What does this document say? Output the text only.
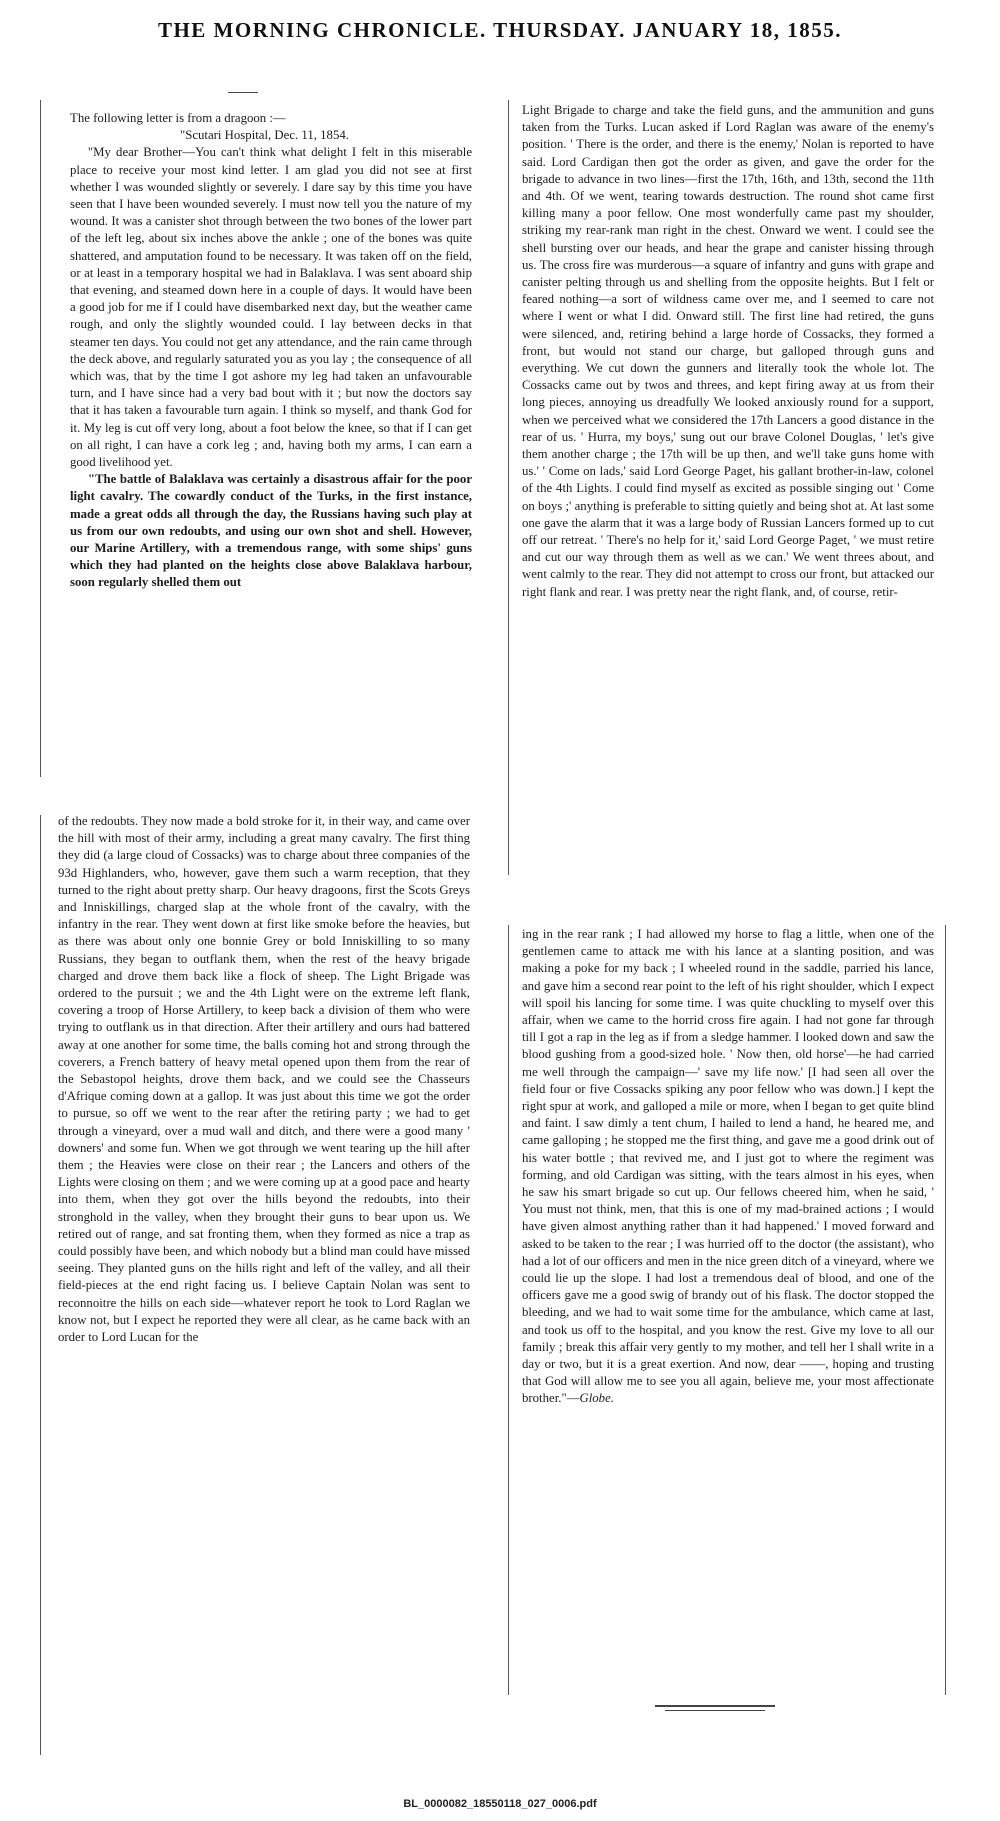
THE MORNING CHRONICLE. THURSDAY. JANUARY 18, 1855.

The following letter is from a dragoon :—

"Scutari Hospital, Dec. 11, 1854.

"My dear Brother—You can't think what delight I felt in this miserable place to receive your most kind letter. I am glad you did not see at first whether I was wounded slightly or severely. I dare say by this time you have seen that I have been wounded severely. I must now tell you the nature of my wound. It was a canister shot through between the two bones of the lower part of the left leg, about six inches above the ankle ; one of the bones was quite shattered, and amputation found to be necessary. It was taken off on the field, or at least in a temporary hospital we had in Balaklava. I was sent aboard ship that evening, and steamed down here in a couple of days. It would have been a good job for me if I could have disembarked next day, but the weather came rough, and only the slightly wounded could. I lay between decks in that steamer ten days. You could not get any attendance, and the rain came through the deck above, and regularly saturated you as you lay ; the consequence of all which was, that by the time I got ashore my leg had taken an unfavourable turn, and I have since had a very bad bout with it ; but now the doctors say that it has taken a favourable turn again. I think so myself, and thank God for it. My leg is cut off very long, about a foot below the knee, so that if I can get on all right, I can have a cork leg ; and, having both my arms, I can earn a good livelihood yet.

"The battle of Balaklava was certainly a disastrous affair for the poor light cavalry. The cowardly conduct of the Turks, in the first instance, made a great odds all through the day, the Russians having such play at us from our own redoubts, and using our own shot and shell. However, our Marine Artillery, with a tremendous range, with some ships' guns which they had planted on the heights close above Balaklava harbour, soon regularly shelled them out

of the redoubts. They now made a bold stroke for it, in their way, and came over the hill with most of their army, including a great many cavalry. The first thing they did (a large cloud of Cossacks) was to charge about three companies of the 93d Highlanders, who, however, gave them such a warm reception, that they turned to the right about pretty sharp. Our heavy dragoons, first the Scots Greys and Inniskillings, charged slap at the whole front of the cavalry, with the infantry in the rear. They went down at first like smoke before the heavies, but as there was about only one bonnie Grey or bold Inniskilling to so many Russians, they began to outflank them, when the rest of the heavy brigade charged and drove them back like a flock of sheep. The Light Brigade was ordered to the pursuit ; we and the 4th Light were on the extreme left flank, covering a troop of Horse Artillery, to keep back a division of them who were trying to outflank us in that direction. After their artillery and ours had battered away at one another for some time, the balls coming hot and strong through the coverers, a French battery of heavy metal opened upon them from the rear of the Sebastopol heights, drove them back, and we could see the Chasseurs d'Afrique coming down at a gallop. It was just about this time we got the order to pursue, so off we went to the rear after the retiring party ; we had to get through a vineyard, over a mud wall and ditch, and there were a good many ' downers' and some fun. When we got through we went tearing up the hill after them ; the Heavies were close on their rear ; the Lancers and others of the Lights were closing on them ; and we were coming up at a good pace and hearty into them, when they got over the hills beyond the redoubts, into their stronghold in the valley, when they brought their guns to bear upon us. We retired out of range, and sat fronting them, when they formed as nice a trap as could possibly have been, and which nobody but a blind man could have missed seeing. They planted guns on the hills right and left of the valley, and all their field-pieces at the end right facing us. I believe Captain Nolan was sent to reconnoitre the hills on each side—whatever report he took to Lord Raglan we know not, but I expect he reported they were all clear, as he came back with an order to Lord Lucan for the

Light Brigade to charge and take the field guns, and the ammunition and guns taken from the Turks. Lucan asked if Lord Raglan was aware of the enemy's position. ' There is the order, and there is the enemy,' Nolan is reported to have said. Lord Cardigan then got the order as given, and gave the order for the brigade to advance in two lines—first the 17th, 16th, and 13th, second the 11th and 4th. Of we went, tearing towards destruction. The round shot came first killing many a poor fellow. One most wonderfully came past my shoulder, striking my rear-rank man right in the chest. Onward we went. I could see the shell bursting over our heads, and hear the grape and canister hissing through us. The cross fire was murderous—a square of infantry and guns with grape and canister pelting through us and shelling from the opposite heights. But I felt or feared nothing—a sort of wildness came over me, and I seemed to care not where I went or what I did. Onward still. The first line had retired, the guns were silenced, and, retiring behind a large horde of Cossacks, they formed a front, but would not stand our charge, but galloped through guns and everything. We cut down the gunners and literally took the whole lot. The Cossacks came out by twos and threes, and kept firing away at us from their long pieces, annoying us dreadfully We looked anxiously round for a support, when we perceived what we considered the 17th Lancers a good distance in the rear of us. ' Hurra, my boys,' sung out our brave Colonel Douglas, ' let's give them another charge ; the 17th will be up then, and we'll take guns home with us.' ' Come on lads,' said Lord George Paget, his gallant brother-in-law, colonel of the 4th Lights. I could find myself as excited as possible singing out ' Come on boys ;' anything is preferable to sitting quietly and being shot at. At last some one gave the alarm that it was a large body of Russian Lancers formed up to cut off our retreat. ' There's no help for it,' said Lord George Paget, ' we must retire and cut our way through them as well as we can.' We went threes about, and went calmly to the rear. They did not attempt to cross our front, but attacked our right flank and rear. I was pretty near the right flank, and, of course, retir-

ing in the rear rank ; I had allowed my horse to flag a little, when one of the gentlemen came to attack me with his lance at a slanting position, and was making a poke for my back ; I wheeled round in the saddle, parried his lance, and gave him a second rear point to the left of his right shoulder, which I expect will spoil his lancing for some time. I was quite chuckling to myself over this affair, when we came to the horrid cross fire again. I had not gone far through till I got a rap in the leg as if from a sledge hammer. I looked down and saw the blood gushing from a good-sized hole. ' Now then, old horse'—he had carried me well through the campaign—' save my life now.' [I had seen all over the field four or five Cossacks spiking any poor fellow who was down.] I kept the right spur at work, and galloped a mile or more, when I began to get quite blind and faint. I saw dimly a tent chum, I hailed to lend a hand, he heared me, and came galloping ; he stopped me the first thing, and gave me a good drink out of his water bottle ; that revived me, and I just got to where the regiment was forming, and old Cardigan was sitting, with the tears almost in his eyes, when he saw his smart brigade so cut up. Our fellows cheered him, when he said, ' You must not think, men, that this is one of my mad-brained actions ; I would have given almost anything rather than it had happened.' I moved forward and asked to be taken to the rear ; I was hurried off to the doctor (the assistant), who had a lot of our officers and men in the nice green ditch of a vineyard, where we could lie up the slope. I had lost a tremendous deal of blood, and one of the officers gave me a good swig of brandy out of his flask. The doctor stopped the bleeding, and we had to wait some time for the ambulance, which came at last, and took us off to the hospital, and you know the rest. Give my love to all our family ; break this affair very gently to my mother, and tell her I shall write in a day or two, but it is a great exertion. And now, dear ——, hoping and trusting that God will allow me to see you all again, believe me, your most affectionate brother."—Globe.

BL_0000082_18550118_027_0006.pdf
